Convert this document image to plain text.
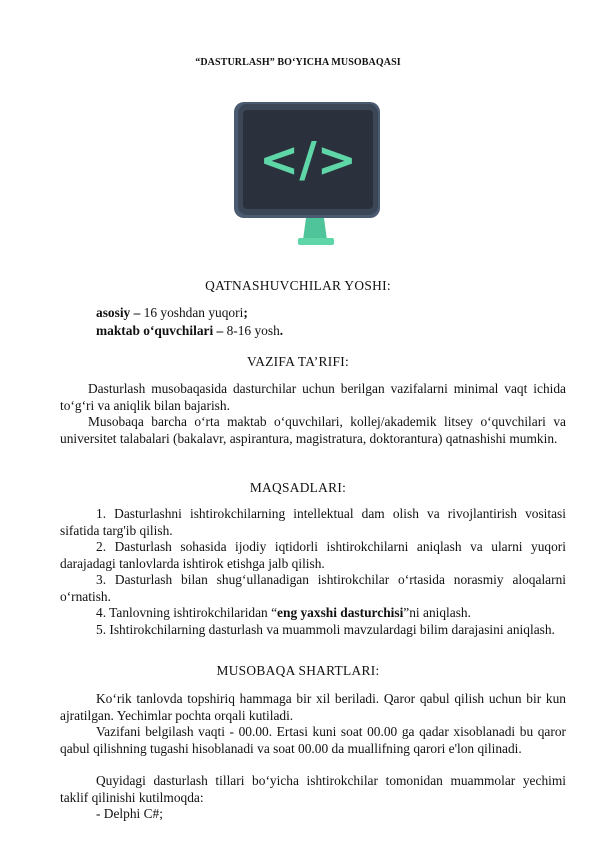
“DASTURLASH” BO‘YICHA MUSOBAQASI
</>
QATNASHUVCHILAR YOSHI:
asosiy – 16 yoshdan yuqori;
maktab o‘quvchilari – 8-16 yosh.
VAZIFA TA’RIFI:
Dasturlash musobaqasida dasturchilar uchun berilgan vazifalarni minimal vaqt ichida to‘g‘ri va aniqlik bilan bajarish.
Musobaqa barcha o‘rta maktab o‘quvchilari, kollej/akademik litsey o‘quvchilari va universitet talabalari (bakalavr, aspirantura, magistratura, doktorantura) qatnashishi mumkin.
MAQSADLARI:
1. Dasturlashni ishtirokchilarning intellektual dam olish va rivojlantirish vositasi sifatida targ'ib qilish.
2. Dasturlash sohasida ijodiy iqtidorli ishtirokchilarni aniqlash va ularni yuqori darajadagi tanlovlarda ishtirok etishga jalb qilish.
3. Dasturlash bilan shug‘ullanadigan ishtirokchilar o‘rtasida norasmiy aloqalarni o‘rnatish.
4. Tanlovning ishtirokchilaridan “eng yaxshi dasturchisi”ni aniqlash.
5. Ishtirokchilarning dasturlash va muammoli mavzulardagi bilim darajasini aniqlash.
MUSOBAQA SHARTLARI:
Ko‘rik tanlovda topshiriq hammaga bir xil beriladi. Qaror qabul qilish uchun bir kun ajratilgan. Yechimlar pochta orqali kutiladi.
Vazifani belgilash vaqti - 00.00. Ertasi kuni soat 00.00 ga qadar xisoblanadi bu qaror qabul qilishning tugashi hisoblanadi va soat 00.00 da muallifning qarori e'lon qilinadi.
Quyidagi dasturlash tillari bo‘yicha ishtirokchilar tomonidan muammolar yechimi taklif qilinishi kutilmoqda:
- Delphi C#;
